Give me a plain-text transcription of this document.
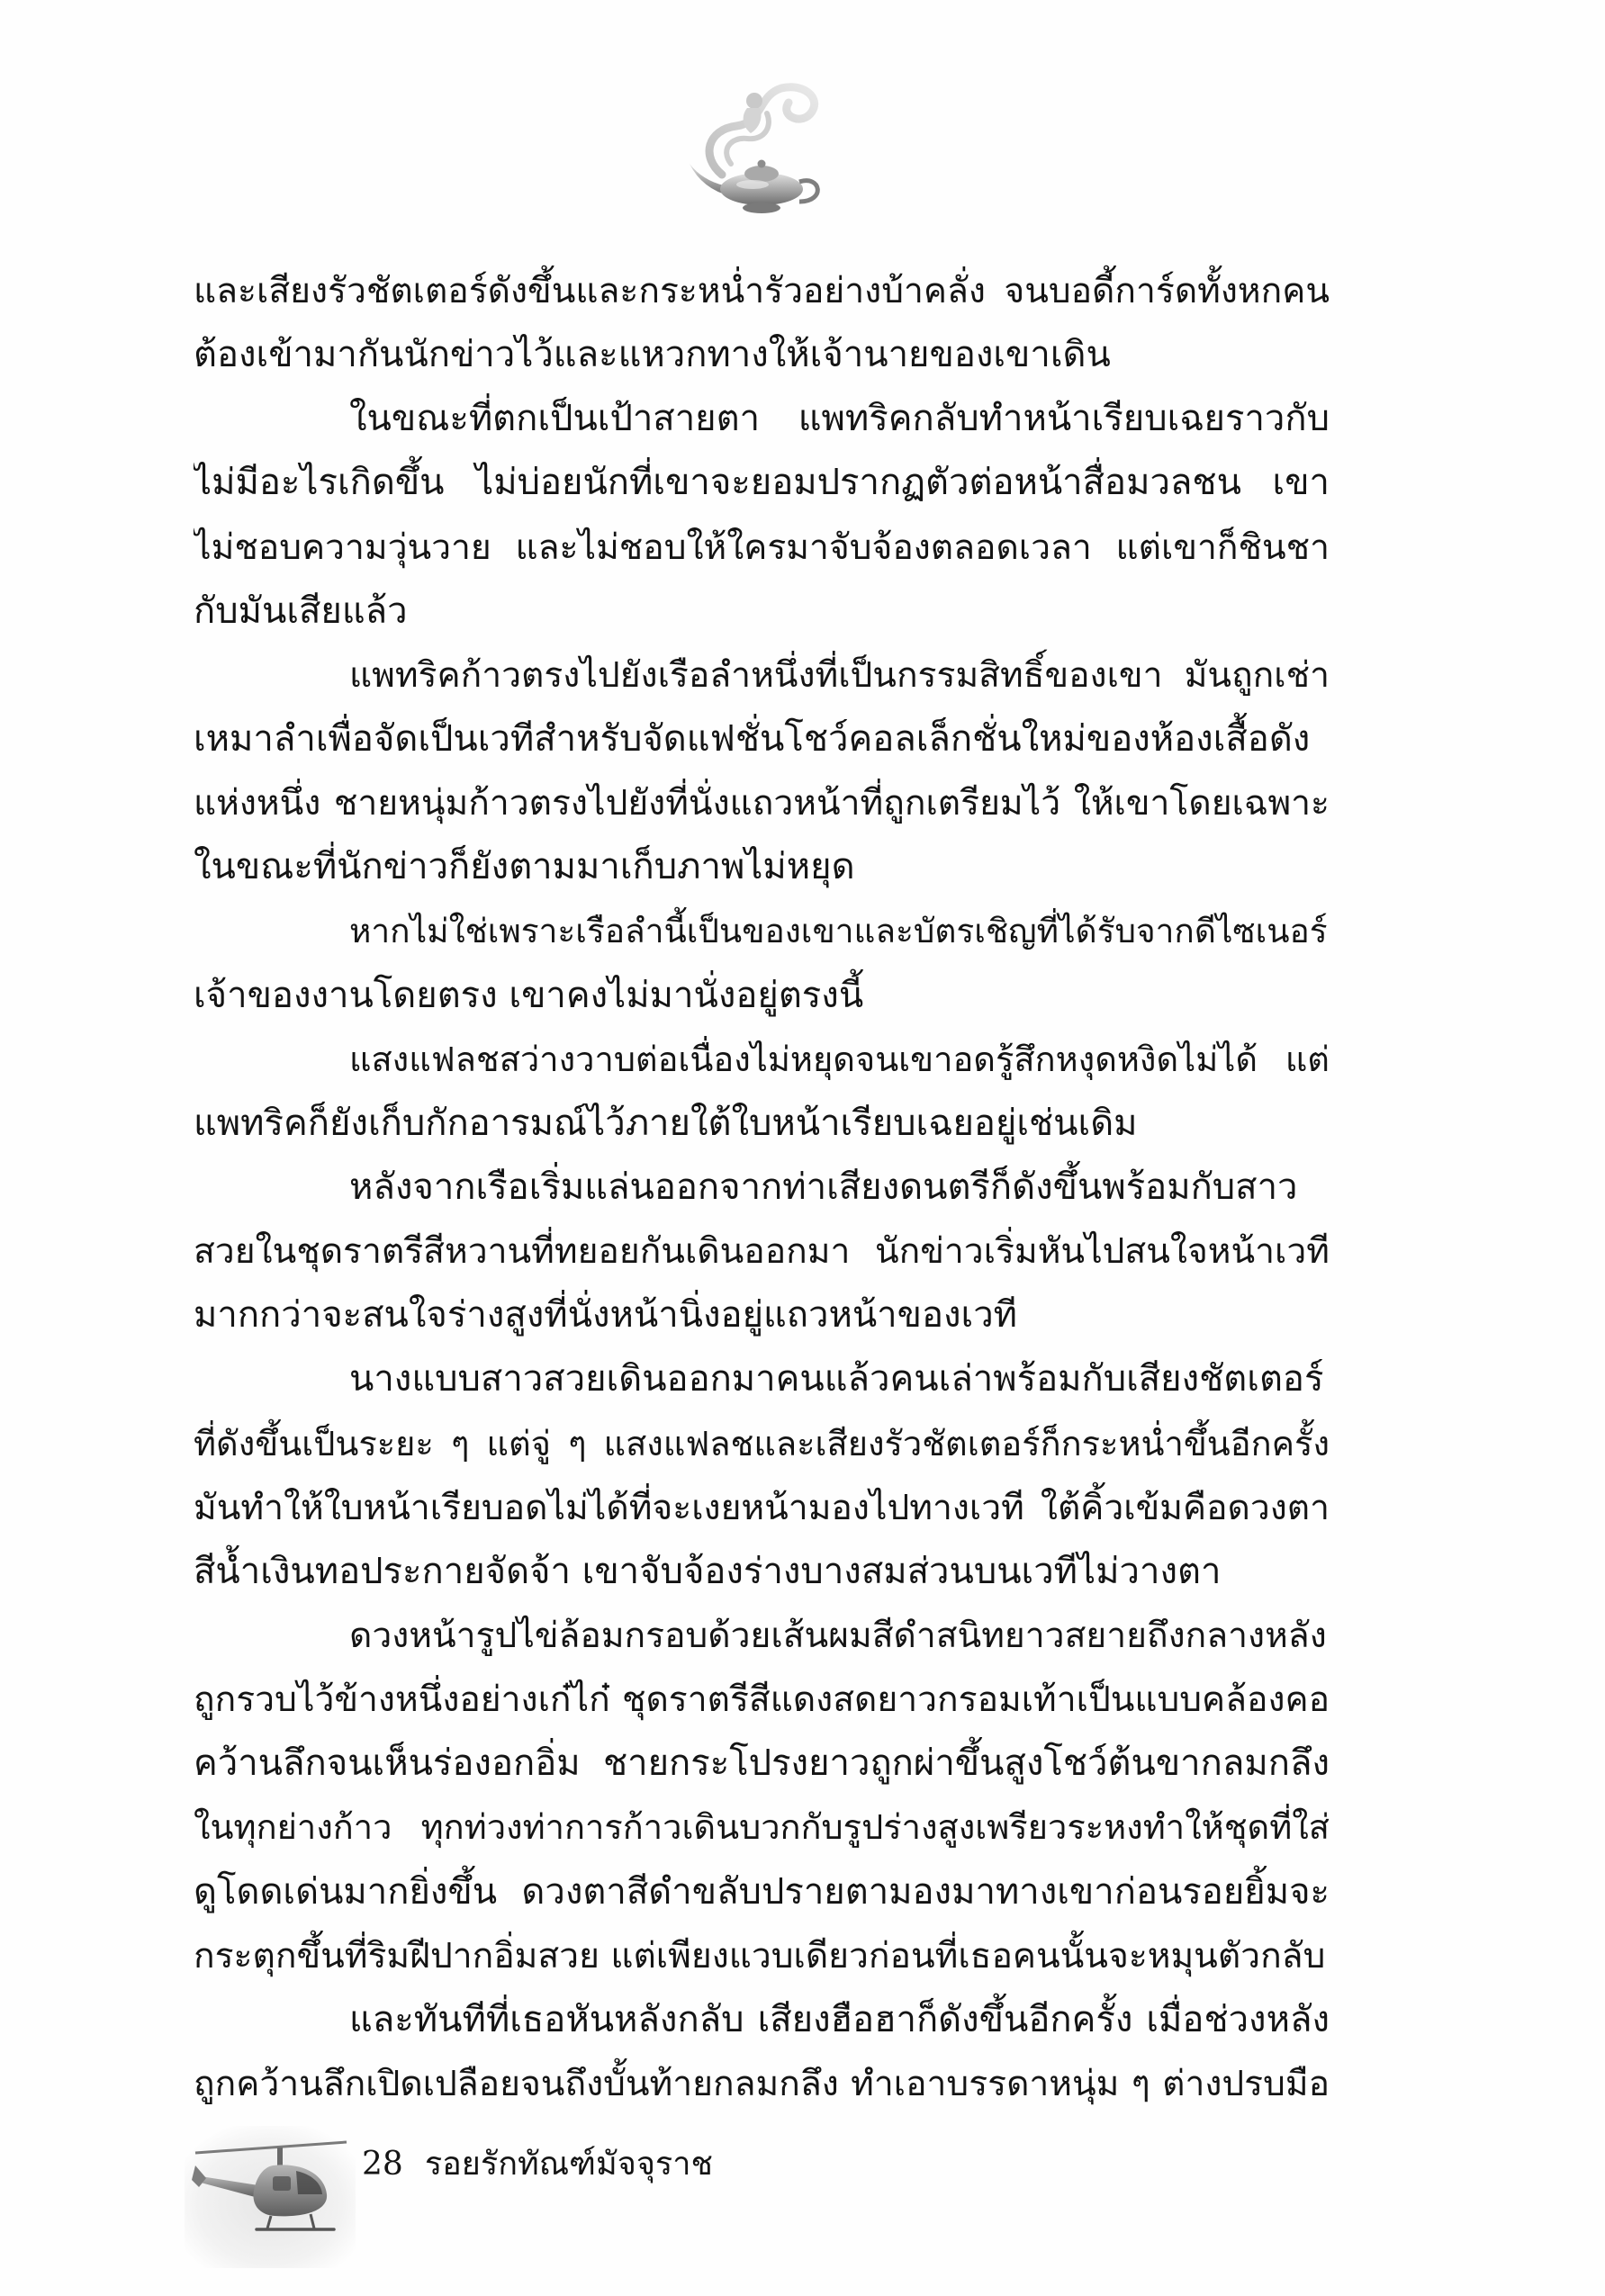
และเสียงรัวชัตเตอร์ดังขึ้นและกระหน่ำรัวอย่างบ้าคลั่ง จนบอดี้การ์ดทั้งหกคน
ต้องเข้ามากันนักข่าวไว้และแหวกทางให้เจ้านายของเขาเดิน
ในขณะที่ตกเป็นเป้าสายตา แพทริคกลับทำหน้าเรียบเฉยราวกับ
ไม่มีอะไรเกิดขึ้น ไม่บ่อยนักที่เขาจะยอมปรากฏตัวต่อหน้าสื่อมวลชน เขา
ไม่ชอบความวุ่นวาย และไม่ชอบให้ใครมาจับจ้องตลอดเวลา แต่เขาก็ชินชา
กับมันเสียแล้ว
แพทริคก้าวตรงไปยังเรือลำหนึ่งที่เป็นกรรมสิทธิ์ของเขา มันถูกเช่า
เหมาลำเพื่อจัดเป็นเวทีสำหรับจัดแฟชั่นโชว์คอลเล็กชั่นใหม่ของห้องเสื้อดัง
แห่งหนึ่ง ชายหนุ่มก้าวตรงไปยังที่นั่งแถวหน้าที่ถูกเตรียมไว้ ให้เขาโดยเฉพาะ
ในขณะที่นักข่าวก็ยังตามมาเก็บภาพไม่หยุด
หากไม่ใช่เพราะเรือลำนี้เป็นของเขาและบัตรเชิญที่ได้รับจากดีไซเนอร์
เจ้าของงานโดยตรง เขาคงไม่มานั่งอยู่ตรงนี้
แสงแฟลชสว่างวาบต่อเนื่องไม่หยุดจนเขาอดรู้สึกหงุดหงิดไม่ได้ แต่
แพทริคก็ยังเก็บกักอารมณ์ไว้ภายใต้ใบหน้าเรียบเฉยอยู่เช่นเดิม
หลังจากเรือเริ่มแล่นออกจากท่าเสียงดนตรีก็ดังขึ้นพร้อมกับสาว
สวยในชุดราตรีสีหวานที่ทยอยกันเดินออกมา นักข่าวเริ่มหันไปสนใจหน้าเวที
มากกว่าจะสนใจร่างสูงที่นั่งหน้านิ่งอยู่แถวหน้าของเวที
นางแบบสาวสวยเดินออกมาคนแล้วคนเล่าพร้อมกับเสียงชัตเตอร์
ที่ดังขึ้นเป็นระยะ ๆ แต่จู่ ๆ แสงแฟลชและเสียงรัวชัตเตอร์ก็กระหน่ำขึ้นอีกครั้ง
มันทำให้ใบหน้าเรียบอดไม่ได้ที่จะเงยหน้ามองไปทางเวที ใต้คิ้วเข้มคือดวงตา
สีน้ำเงินทอประกายจัดจ้า เขาจับจ้องร่างบางสมส่วนบนเวทีไม่วางตา
ดวงหน้ารูปไข่ล้อมกรอบด้วยเส้นผมสีดำสนิทยาวสยายถึงกลางหลัง
ถูกรวบไว้ข้างหนึ่งอย่างเก๋ไก๋ ชุดราตรีสีแดงสดยาวกรอมเท้าเป็นแบบคล้องคอ
คว้านลึกจนเห็นร่องอกอิ่ม ชายกระโปรงยาวถูกผ่าขึ้นสูงโชว์ต้นขากลมกลึง
ในทุกย่างก้าว ทุกท่วงท่าการก้าวเดินบวกกับรูปร่างสูงเพรียวระหงทำให้ชุดที่ใส่
ดูโดดเด่นมากยิ่งขึ้น ดวงตาสีดำขลับปรายตามองมาทางเขาก่อนรอยยิ้มจะ
กระตุกขึ้นที่ริมฝีปากอิ่มสวย แต่เพียงแวบเดียวก่อนที่เธอคนนั้นจะหมุนตัวกลับ
และทันทีที่เธอหันหลังกลับ เสียงฮือฮาก็ดังขึ้นอีกครั้ง เมื่อช่วงหลัง
ถูกคว้านลึกเปิดเปลือยจนถึงบั้นท้ายกลมกลึง ทำเอาบรรดาหนุ่ม ๆ ต่างปรบมือ
28 รอยรักทัณฑ์มัจจุราช
